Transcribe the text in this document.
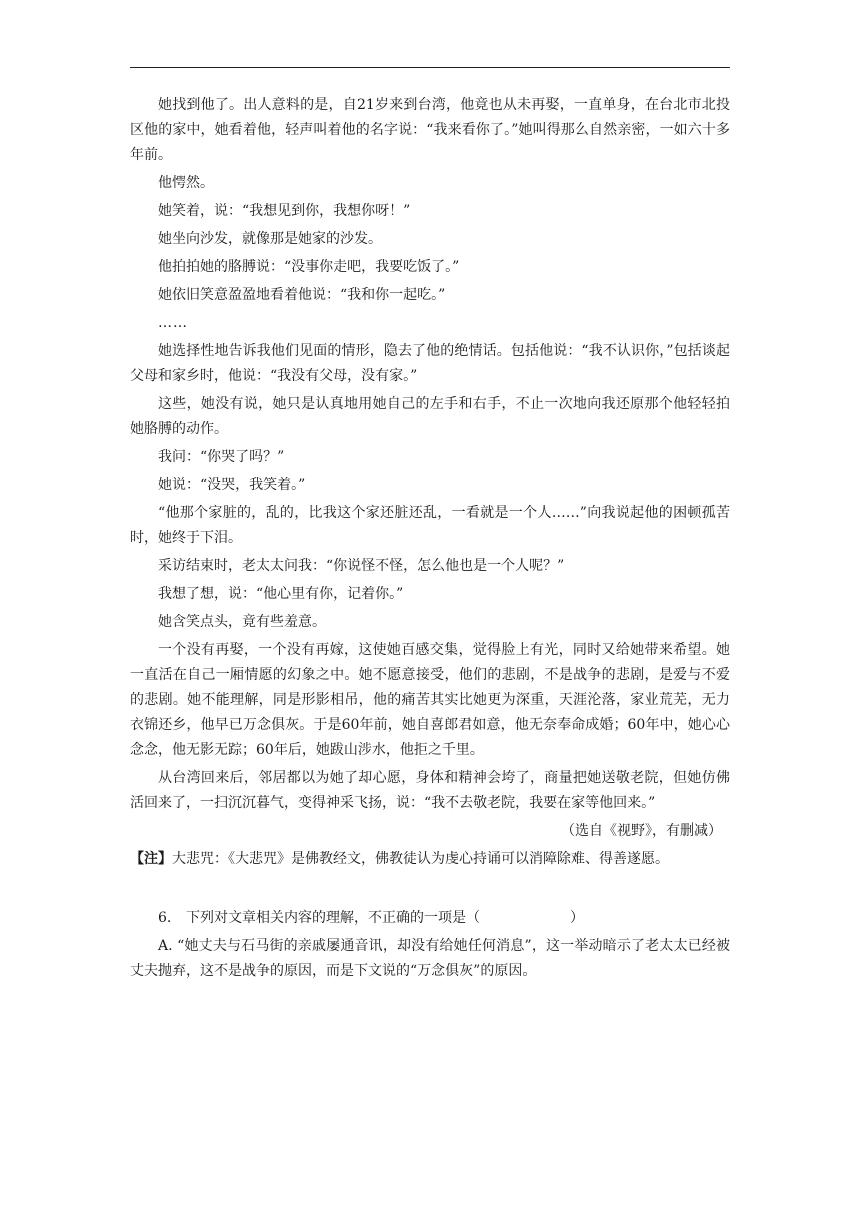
她找到他了。出人意料的是，自21岁来到台湾，他竟也从未再娶，一直单身，在台北市北投区他的家中，她看着他，轻声叫着他的名字说：“我来看你了。”她叫得那么自然亲密，一如六十多年前。

他愕然。

她笑着，说：“我想见到你，我想你呀！”

她坐向沙发，就像那是她家的沙发。

他拍拍她的胳膊说：“没事你走吧，我要吃饭了。”

她依旧笑意盈盈地看着他说：“我和你一起吃。”

……

她选择性地告诉我他们见面的情形，隐去了他的绝情话。包括他说：“我不认识你，”包括谈起父母和家乡时，他说：“我没有父母，没有家。”

这些，她没有说，她只是认真地用她自己的左手和右手，不止一次地向我还原那个他轻轻拍她胳膊的动作。

我问：“你哭了吗？”

她说：“没哭，我笑着。”

“他那个家脏的，乱的，比我这个家还脏还乱，一看就是一个人……”向我说起他的困顿孤苦时，她终于下泪。

采访结束时，老太太问我：“你说怪不怪，怎么他也是一个人呢？”

我想了想，说：“他心里有你，记着你。”

她含笑点头，竟有些羞意。

一个没有再娶，一个没有再嫁，这使她百感交集，觉得脸上有光，同时又给她带来希望。她一直活在自己一厢情愿的幻象之中。她不愿意接受，他们的悲剧，不是战争的悲剧，是爱与不爱的悲剧。她不能理解，同是形影相吊，他的痛苦其实比她更为深重，天涯沦落，家业荒芜，无力衣锦还乡，他早已万念俱灰。于是60年前，她自喜郎君如意，他无奈奉命成婚；60年中，她心心念念，他无影无踪；60年后，她跋山涉水，他拒之千里。

从台湾回来后，邻居都以为她了却心愿，身体和精神会垮了，商量把她送敬老院，但她仿佛活回来了，一扫沉沉暮气，变得神采飞扬，说：“我不去敬老院，我要在家等他回来。”

（选自《视野》，有删减）

【注】大悲咒：《大悲咒》是佛教经文，佛教徒认为虔心持诵可以消障除难、得善遂愿。

6. 下列对文章相关内容的理解，不正确的一项是（	）

A. “她丈夫与石马街的亲戚屡通音讯，却没有给她任何消息”，这一举动暗示了老太太已经被丈夫抛弃，这不是战争的原因，而是下文说的“万念俱灰”的原因。
